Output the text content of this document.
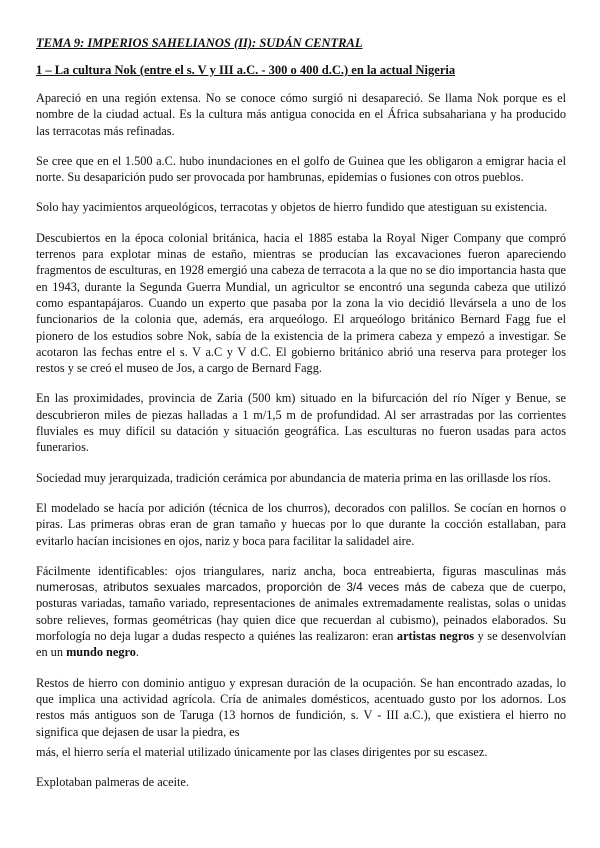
TEMA 9: IMPERIOS SAHELIANOS (II): SUDÁN CENTRAL
1 – La cultura Nok (entre el s. V y III a.C. - 300 o 400 d.C.) en la actual Nigeria

Apareció en una región extensa. No se conoce cómo surgió ni desapareció. Se llama Nok porque es el nombre de la ciudad actual. Es la cultura más antigua conocida en el África subsahariana y ha producido las terracotas más refinadas.

Se cree que en el 1.500 a.C. hubo inundaciones en el golfo de Guinea que les obligaron a emigrar hacia el norte. Su desaparición pudo ser provocada por hambrunas, epidemias o fusiones con otros pueblos.

Solo hay yacimientos arqueológicos, terracotas y objetos de hierro fundido que atestiguan su existencia.

Descubiertos en la época colonial británica, hacia el 1885 estaba la Royal Niger Company que compró terrenos para explotar minas de estaño, mientras se producían las excavaciones fueron apareciendo fragmentos de esculturas, en 1928 emergió una cabeza de terracota a la que no se dio importancia hasta que en 1943, durante la Segunda Guerra Mundial, un agricultor se encontró una segunda cabeza que utilizó como espantapájaros. Cuando un experto que pasaba por la zona la vio decidió llevársela a uno de los funcionarios de la colonia que, además, era arqueólogo. El arqueólogo británico Bernard Fagg fue el pionero de los estudios sobre Nok, sabía de la existencia de la primera cabeza y empezó a investigar. Se acotaron las fechas entre el s. V a.C y V d.C. El gobierno británico abrió una reserva para proteger los restos y se creó el museo de Jos, a cargo de Bernard Fagg.

En las proximidades, provincia de Zaria (500 km) situado en la bifurcación del río Níger y Benue, se descubrieron miles de piezas halladas a 1 m/1,5 m de profundidad. Al ser arrastradas por las corrientes fluviales es muy difícil su datación y situación geográfica. Las esculturas no fueron usadas para actos funerarios.

Sociedad muy jerarquizada, tradición cerámica por abundancia de materia prima en las orillasde los ríos.

El modelado se hacía por adición (técnica de los churros), decorados con palillos. Se cocían en hornos o piras. Las primeras obras eran de gran tamaño y huecas por lo que durante la cocción estallaban, para evitarlo hacían incisiones en ojos, nariz y boca para facilitar la salidadel aire.

Fácilmente identificables: ojos triangulares, nariz ancha, boca entreabierta, figuras masculinas más numerosas, atributos sexuales marcados, proporción de 3/4 veces más de cabeza que de cuerpo, posturas variadas, tamaño variado, representaciones de animales extremadamente realistas, solas o unidas sobre relieves, formas geométricas (hay quien dice que recuerdan al cubismo), peinados elaborados. Su morfología no deja lugar a dudas respecto a quiénes las realizaron: eran artistas negros y se desenvolvían en un mundo negro.

Restos de hierro con dominio antiguo y expresan duración de la ocupación. Se han encontrado azadas, lo que implica una actividad agrícola. Cría de animales domésticos, acentuado gusto por los adornos. Los restos más antiguos son de Taruga (13 hornos de fundición, s. V - III a.C.), que existiera el hierro no significa que dejasen de usar la piedra, es

más, el hierro sería el material utilizado únicamente por las clases dirigentes por su escasez.

Explotaban palmeras de aceite.
